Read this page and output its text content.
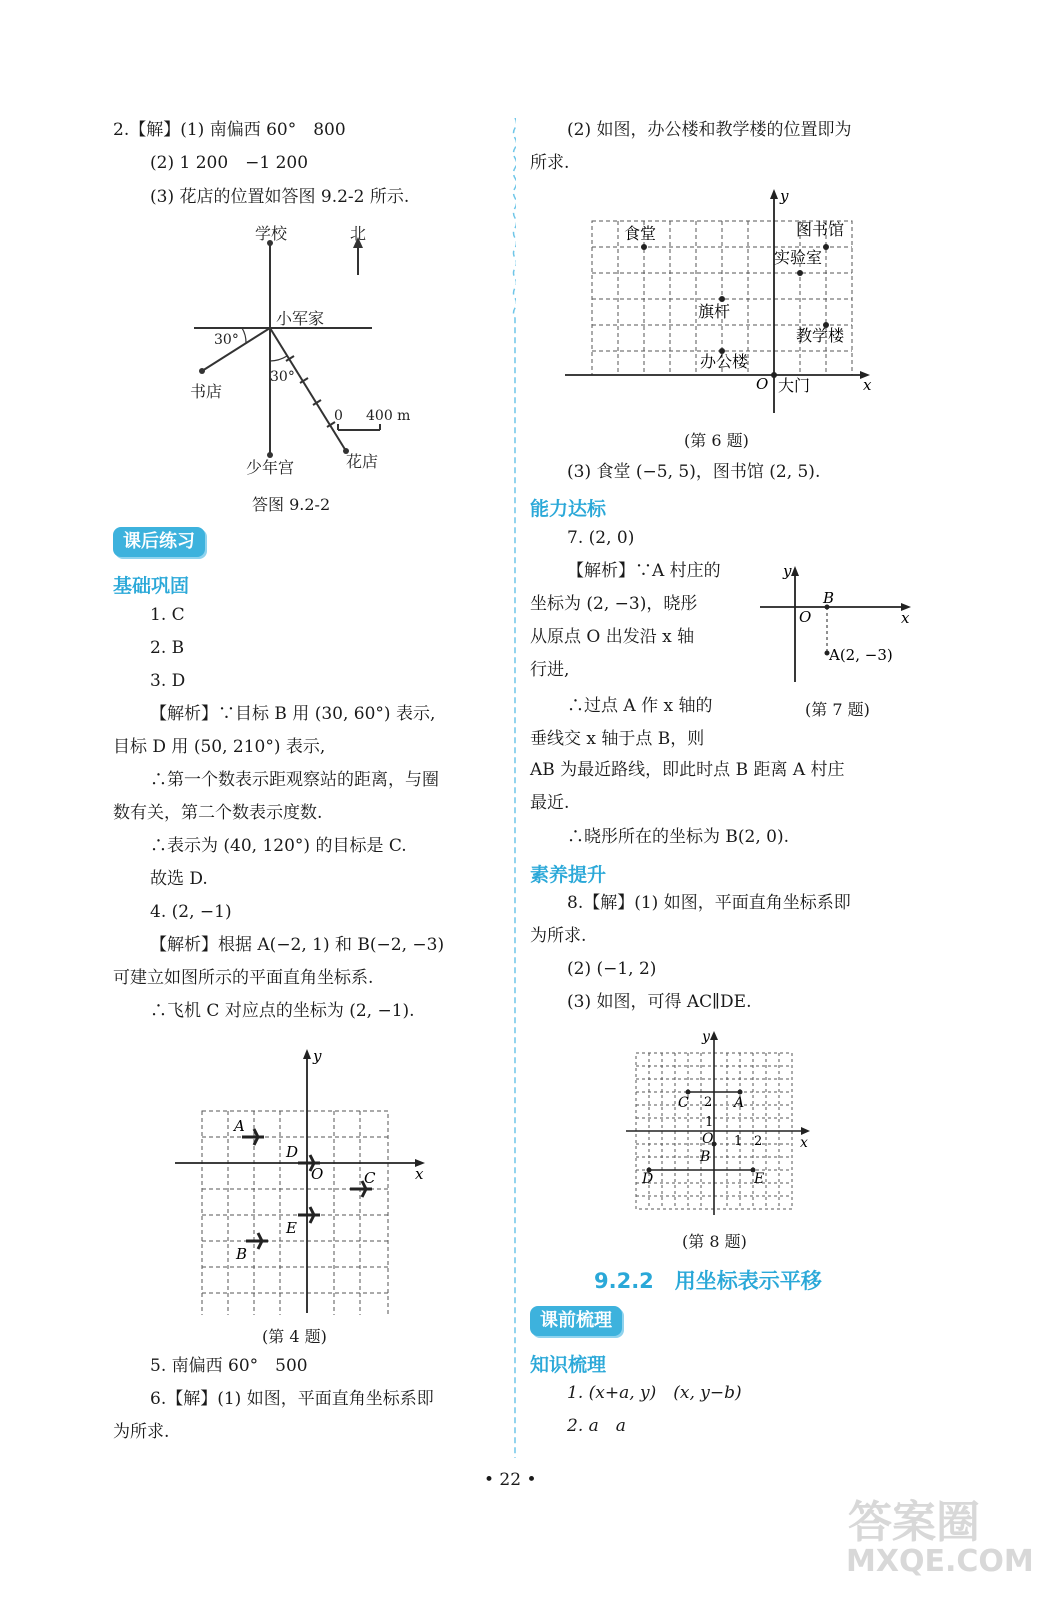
2.【解】(1) 南偏西 60°　800
(2) 1 200　−1 200
(3) 花店的位置如答图 9.2-2 所示.
学校	北
小军家
30°
30°
书店
0 400 m
少年宫	花店
答图 9.2-2
课后练习
基础巩固
1. C
2. B
3. D
【解析】∵目标 B 用 (30, 60°) 表示,
目标 D 用 (50, 210°) 表示,
∴第一个数表示距观察站的距离，与圈
数有关，第二个数表示度数.
∴表示为 (40, 120°) 的目标是 C.
故选 D.
4. (2, −1)
【解析】根据 A(−2, 1) 和 B(−2, −3)
可建立如图所示的平面直角坐标系.
∴飞机 C 对应点的坐标为 (2, −1).
y
x
O
A
D
C
E
B
(第 4 题)
5. 南偏西 60°　500
6.【解】(1) 如图，平面直角坐标系即
为所求.
(2) 如图，办公楼和教学楼的位置即为
所求.
y
x
O
食堂	图书馆
实验室
旗杆
教学楼
办公楼
大门
(第 6 题)
(3) 食堂 (−5, 5)，图书馆 (2, 5).
能力达标
7. (2, 0)
【解析】∵A 村庄的
坐标为 (2, −3)，晓彤
从原点 O 出发沿 x 轴
行进,
∴过点 A 作 x 轴的
垂线交 x 轴于点 B，则
AB 为最近路线，即此时点 B 距离 A 村庄
最近.
∴晓彤所在的坐标为 B(2, 0).
y
x
O
B
A(2, −3)
(第 7 题)
素养提升
8.【解】(1) 如图，平面直角坐标系即
为所求.
(2) (−1, 2)
(3) 如图，可得 AC∥DE.
y
x
O
C	A
2
1
1 2
B
D	E
(第 8 题)
9.2.2　用坐标表示平移
课前梳理
知识梳理
1. (x+a, y)　(x, y−b)
2. a　a
• 22 •
答案圈
MXQE.COM
